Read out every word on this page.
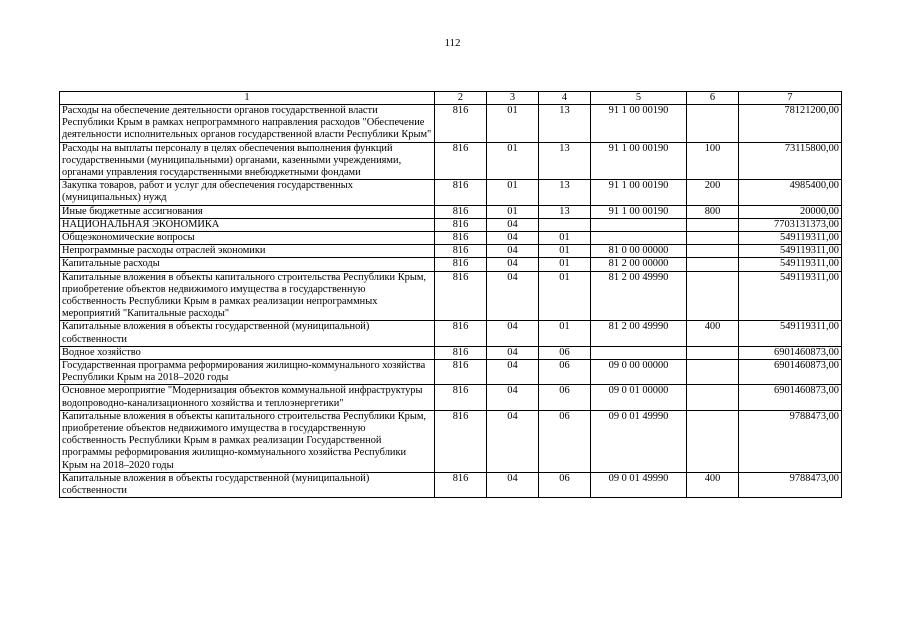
112
1	2	3	4	5	6	7
Расходы на обеспечение деятельности органов государственной власти Республики Крым в рамках непрограммного направления расходов "Обеспечение деятельности исполнительных органов государственной власти Республики Крым"	816	01	13	91 1 00 00190		78121200,00
Расходы на выплаты персоналу в целях обеспечения выполнения функций государственными (муниципальными) органами, казенными учреждениями, органами управления государственными внебюджетными фондами	816	01	13	91 1 00 00190	100	73115800,00
Закупка товаров, работ и услуг для обеспечения государственных (муниципальных) нужд	816	01	13	91 1 00 00190	200	4985400,00
Иные бюджетные ассигнования	816	01	13	91 1 00 00190	800	20000,00
НАЦИОНАЛЬНАЯ ЭКОНОМИКА	816	04				7703131373,00
Общеэкономические вопросы	816	04	01			549119311,00
Непрограммные расходы отраслей экономики	816	04	01	81 0 00 00000		549119311,00
Капитальные расходы	816	04	01	81 2 00 00000		549119311,00
Капитальные вложения в объекты капитального строительства Республики Крым, приобретение объектов недвижимого имущества в государственную собственность Республики Крым в рамках реализации непрограммных мероприятий "Капитальные расходы"	816	04	01	81 2 00 49990		549119311,00
Капитальные вложения в объекты государственной (муниципальной) собственности	816	04	01	81 2 00 49990	400	549119311,00
Водное хозяйство	816	04	06			6901460873,00
Государственная программа реформирования жилищно-коммунального хозяйства Республики Крым на 2018–2020 годы	816	04	06	09 0 00 00000		6901460873,00
Основное мероприятие "Модернизация объектов коммунальной инфраструктуры водопроводно-канализационного хозяйства и теплоэнергетики"	816	04	06	09 0 01 00000		6901460873,00
Капитальные вложения в объекты капитального строительства Республики Крым, приобретение объектов недвижимого имущества в государственную собственность Республики Крым в рамках реализации Государственной программы реформирования жилищно-коммунального хозяйства Республики Крым на 2018–2020 годы	816	04	06	09 0 01 49990		9788473,00
Капитальные вложения в объекты государственной (муниципальной) собственности	816	04	06	09 0 01 49990	400	9788473,00
